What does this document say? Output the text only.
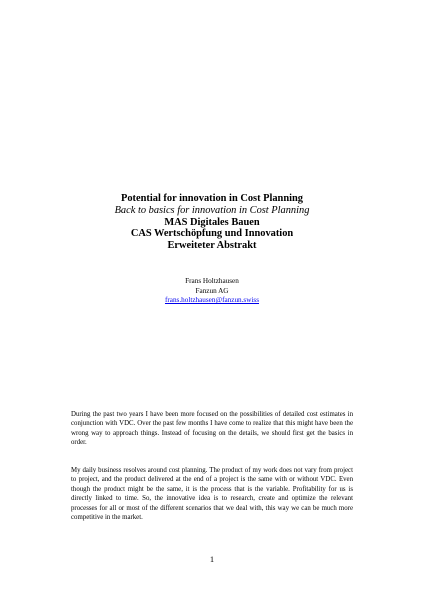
Potential for innovation in Cost Planning
Back to basics for innovation in Cost Planning
MAS Digitales Bauen
CAS Wertschöpfung und Innovation
Erweiteter Abstrakt
Frans Holtzhausen
Fanzun AG
frans.holtzhausen@fanzun.swiss

During the past two years I have been more focused on the possibilities of detailed cost estimates in conjunction with VDC. Over the past few months I have come to realize that this might have been the wrong way to approach things. Instead of focusing on the details, we should first get the basics in order.

My daily business resolves around cost planning. The product of my work does not vary from project to project, and the product delivered at the end of a project is the same with or without VDC. Even though the product might be the same, it is the process that is the variable. Profitability for us is directly linked to time. So, the innovative idea is to research, create and optimize the relevant processes for all or most of the different scenarios that we deal with, this way we can be much more competitive in the market.

1
